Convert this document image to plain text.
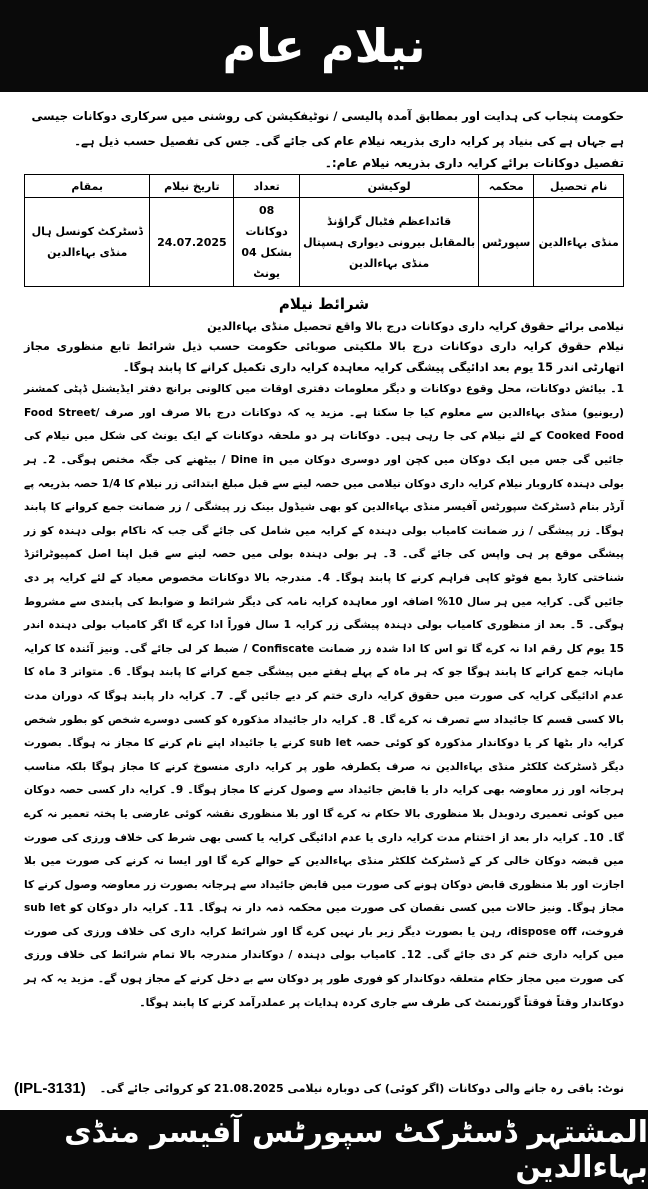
نیلام عام

حکومت پنجاب کی ہدایت اور بمطابق آمدہ پالیسی / نوٹیفکیشن کی روشنی میں سرکاری دوکانات جیسی ہے جہاں ہے کی بنیاد پر کرایہ داری بذریعہ نیلام عام کی جائے گی۔ جس کی تفصیل حسب ذیل ہے۔

تفصیل دوکانات برائے کرایہ داری بذریعہ نیلام عام:۔

نام تحصیل	محکمہ	لوکیشن	تعداد	تاریخ نیلام	بمقام
منڈی بہاءالدین	سپورٹس	قائداعظم فٹبال گراؤنڈ بالمقابل بیرونی دیواری ہسپتال منڈی بہاءالدین	08 دوکانات بشکل 04 یونٹ	24.07.2025	ڈسٹرکٹ کونسل ہال منڈی بہاءالدین
شرائط نیلام

نیلامی برائے حقوق کرایہ داری دوکانات درج بالا واقع تحصیل منڈی بہاءالدین

نیلام حقوق کرایہ داری دوکانات درج بالا ملکیتی صوبائی حکومت حسب ذیل شرائط تابع منظوری مجاز اتھارٹی اندر 15 یوم بعد ادائیگی پیشگی کرایہ معاہدہ کرایہ داری تکمیل کرانے کا پابند ہوگا۔

1۔ بیائش دوکانات، محل وقوع دوکانات و دیگر معلومات دفتری اوقات میں کالونی برانچ دفتر ایڈیشنل ڈپٹی کمشنر (ریونیو) منڈی بہاءالدین سے معلوم کیا جا سکتا ہے۔ مزید یہ کہ دوکانات درج بالا صرف اور صرف Food Street/ Cooked Food کے لئے نیلام کی جا رہی ہیں۔ دوکانات ہر دو ملحقہ دوکانات کے ایک یونٹ کی شکل میں نیلام کی جائیں گی جس میں ایک دوکان میں کچن اور دوسری دوکان میں Dine in / بیٹھنے کی جگہ مختص ہوگی۔ 2۔ ہر بولی دہندہ کاروبار نیلام کرایہ داری دوکان نیلامی میں حصہ لینے سے قبل مبلغ ابتدائی زر نیلام کا 1/4 حصہ بذریعہ پے آرڈر بنام ڈسٹرکٹ سپورٹس آفیسر منڈی بہاءالدین کو بھی شیڈول بینک زر پیشگی / زر ضمانت جمع کروانے کا پابند ہوگا۔ زر پیشگی / زر ضمانت کامیاب بولی دہندہ کے کرایہ میں شامل کی جائے گی جب کہ ناکام بولی دہندہ کو زر پیشگی موقع پر ہی واپس کی جائے گی۔ 3۔ ہر بولی دہندہ بولی میں حصہ لینے سے قبل اپنا اصل کمپیوٹرائزڈ شناختی کارڈ بمع فوٹو کاپی فراہم کرنے کا پابند ہوگا۔ 4۔ مندرجہ بالا دوکانات مخصوص معیاد کے لئے کرایہ پر دی جائیں گی۔ کرایہ میں ہر سال 10% اضافہ اور معاہدہ کرایہ نامہ کی دیگر شرائط و ضوابط کی پابندی سے مشروط ہوگی۔ 5۔ بعد از منظوری کامیاب بولی دہندہ پیشگی زر کرایہ 1 سال فوراً ادا کرے گا اگر کامیاب بولی دہندہ اندر 15 یوم کل رقم ادا نہ کرے گا تو اس کا ادا شدہ زر ضمانت Confiscate / ضبط کر لی جائے گی۔ ونیز آئندہ کا کرایہ ماہانہ جمع کرانے کا پابند ہوگا جو کہ ہر ماہ کے پہلے ہفتے میں پیشگی جمع کرانے کا پابند ہوگا۔ 6۔ متواتر 3 ماہ کا عدم ادائیگی کرایہ کی صورت میں حقوق کرایہ داری ختم کر دیے جائیں گے۔ 7۔ کرایہ دار پابند ہوگا کہ دوران مدت بالا کسی قسم کا جائیداد سے تصرف نہ کرے گا۔ 8۔ کرایہ دار جائیداد مذکورہ کو کسی دوسرے شخص کو بطور شخص کرایہ دار بٹھا کر یا دوکاندار مذکورہ کو کوئی حصہ sub let کرنے یا جائیداد اپنے نام کرنے کا مجاز نہ ہوگا۔ بصورت دیگر ڈسٹرکٹ کلکٹر منڈی بہاءالدین نہ صرف یکطرفہ طور پر کرایہ داری منسوخ کرنے کا مجاز ہوگا بلکہ مناسب ہرجانہ اور زر معاوضہ بھی کرایہ دار یا قابض جائیداد سے وصول کرنے کا مجاز ہوگا۔ 9۔ کرایہ دار کسی حصہ دوکان میں کوئی تعمیری ردوبدل بلا منظوری بالا حکام نہ کرے گا اور بلا منظوری نقشہ کوئی عارضی یا پختہ تعمیر نہ کرے گا۔ 10۔ کرایہ دار بعد از اختتام مدت کرایہ داری یا عدم ادائیگی کرایہ یا کسی بھی شرط کی خلاف ورزی کی صورت میں قبضہ دوکان خالی کر کے ڈسٹرکٹ کلکٹر منڈی بہاءالدین کے حوالے کرے گا اور ایسا نہ کرنے کی صورت میں بلا اجازت اور بلا منظوری قابض دوکان ہونے کی صورت میں قابض جائیداد سے ہرجانہ بصورت زر معاوضہ وصول کرنے کا مجاز ہوگا۔ ونیز حالات میں کسی نقصان کی صورت میں محکمہ ذمہ دار نہ ہوگا۔ 11۔ کرایہ دار دوکان کو sub let فروخت، dispose off، رہن یا بصورت دیگر زیر بار نہیں کرے گا اور شرائط کرایہ داری کی خلاف ورزی کی صورت میں کرایہ داری ختم کر دی جائے گی۔ 12۔ کامیاب بولی دہندہ / دوکاندار مندرجہ بالا تمام شرائط کی خلاف ورزی کی صورت میں مجاز حکام متعلقہ دوکاندار کو فوری طور پر دوکان سے بے دخل کرنے کے مجاز ہوں گے۔ مزید یہ کہ ہر دوکاندار وقتاً فوقتاً گورنمنٹ کی طرف سے جاری کردہ ہدایات پر عملدرآمد کرنے کا پابند ہوگا۔

(IPL-3131) نوٹ: باقی رہ جانے والی دوکانات (اگر کوئی) کی دوبارہ نیلامی 21.08.2025 کو کروائی جائے گی۔
المشتہر ڈسٹرکٹ سپورٹس آفیسر منڈی بہاءالدین
